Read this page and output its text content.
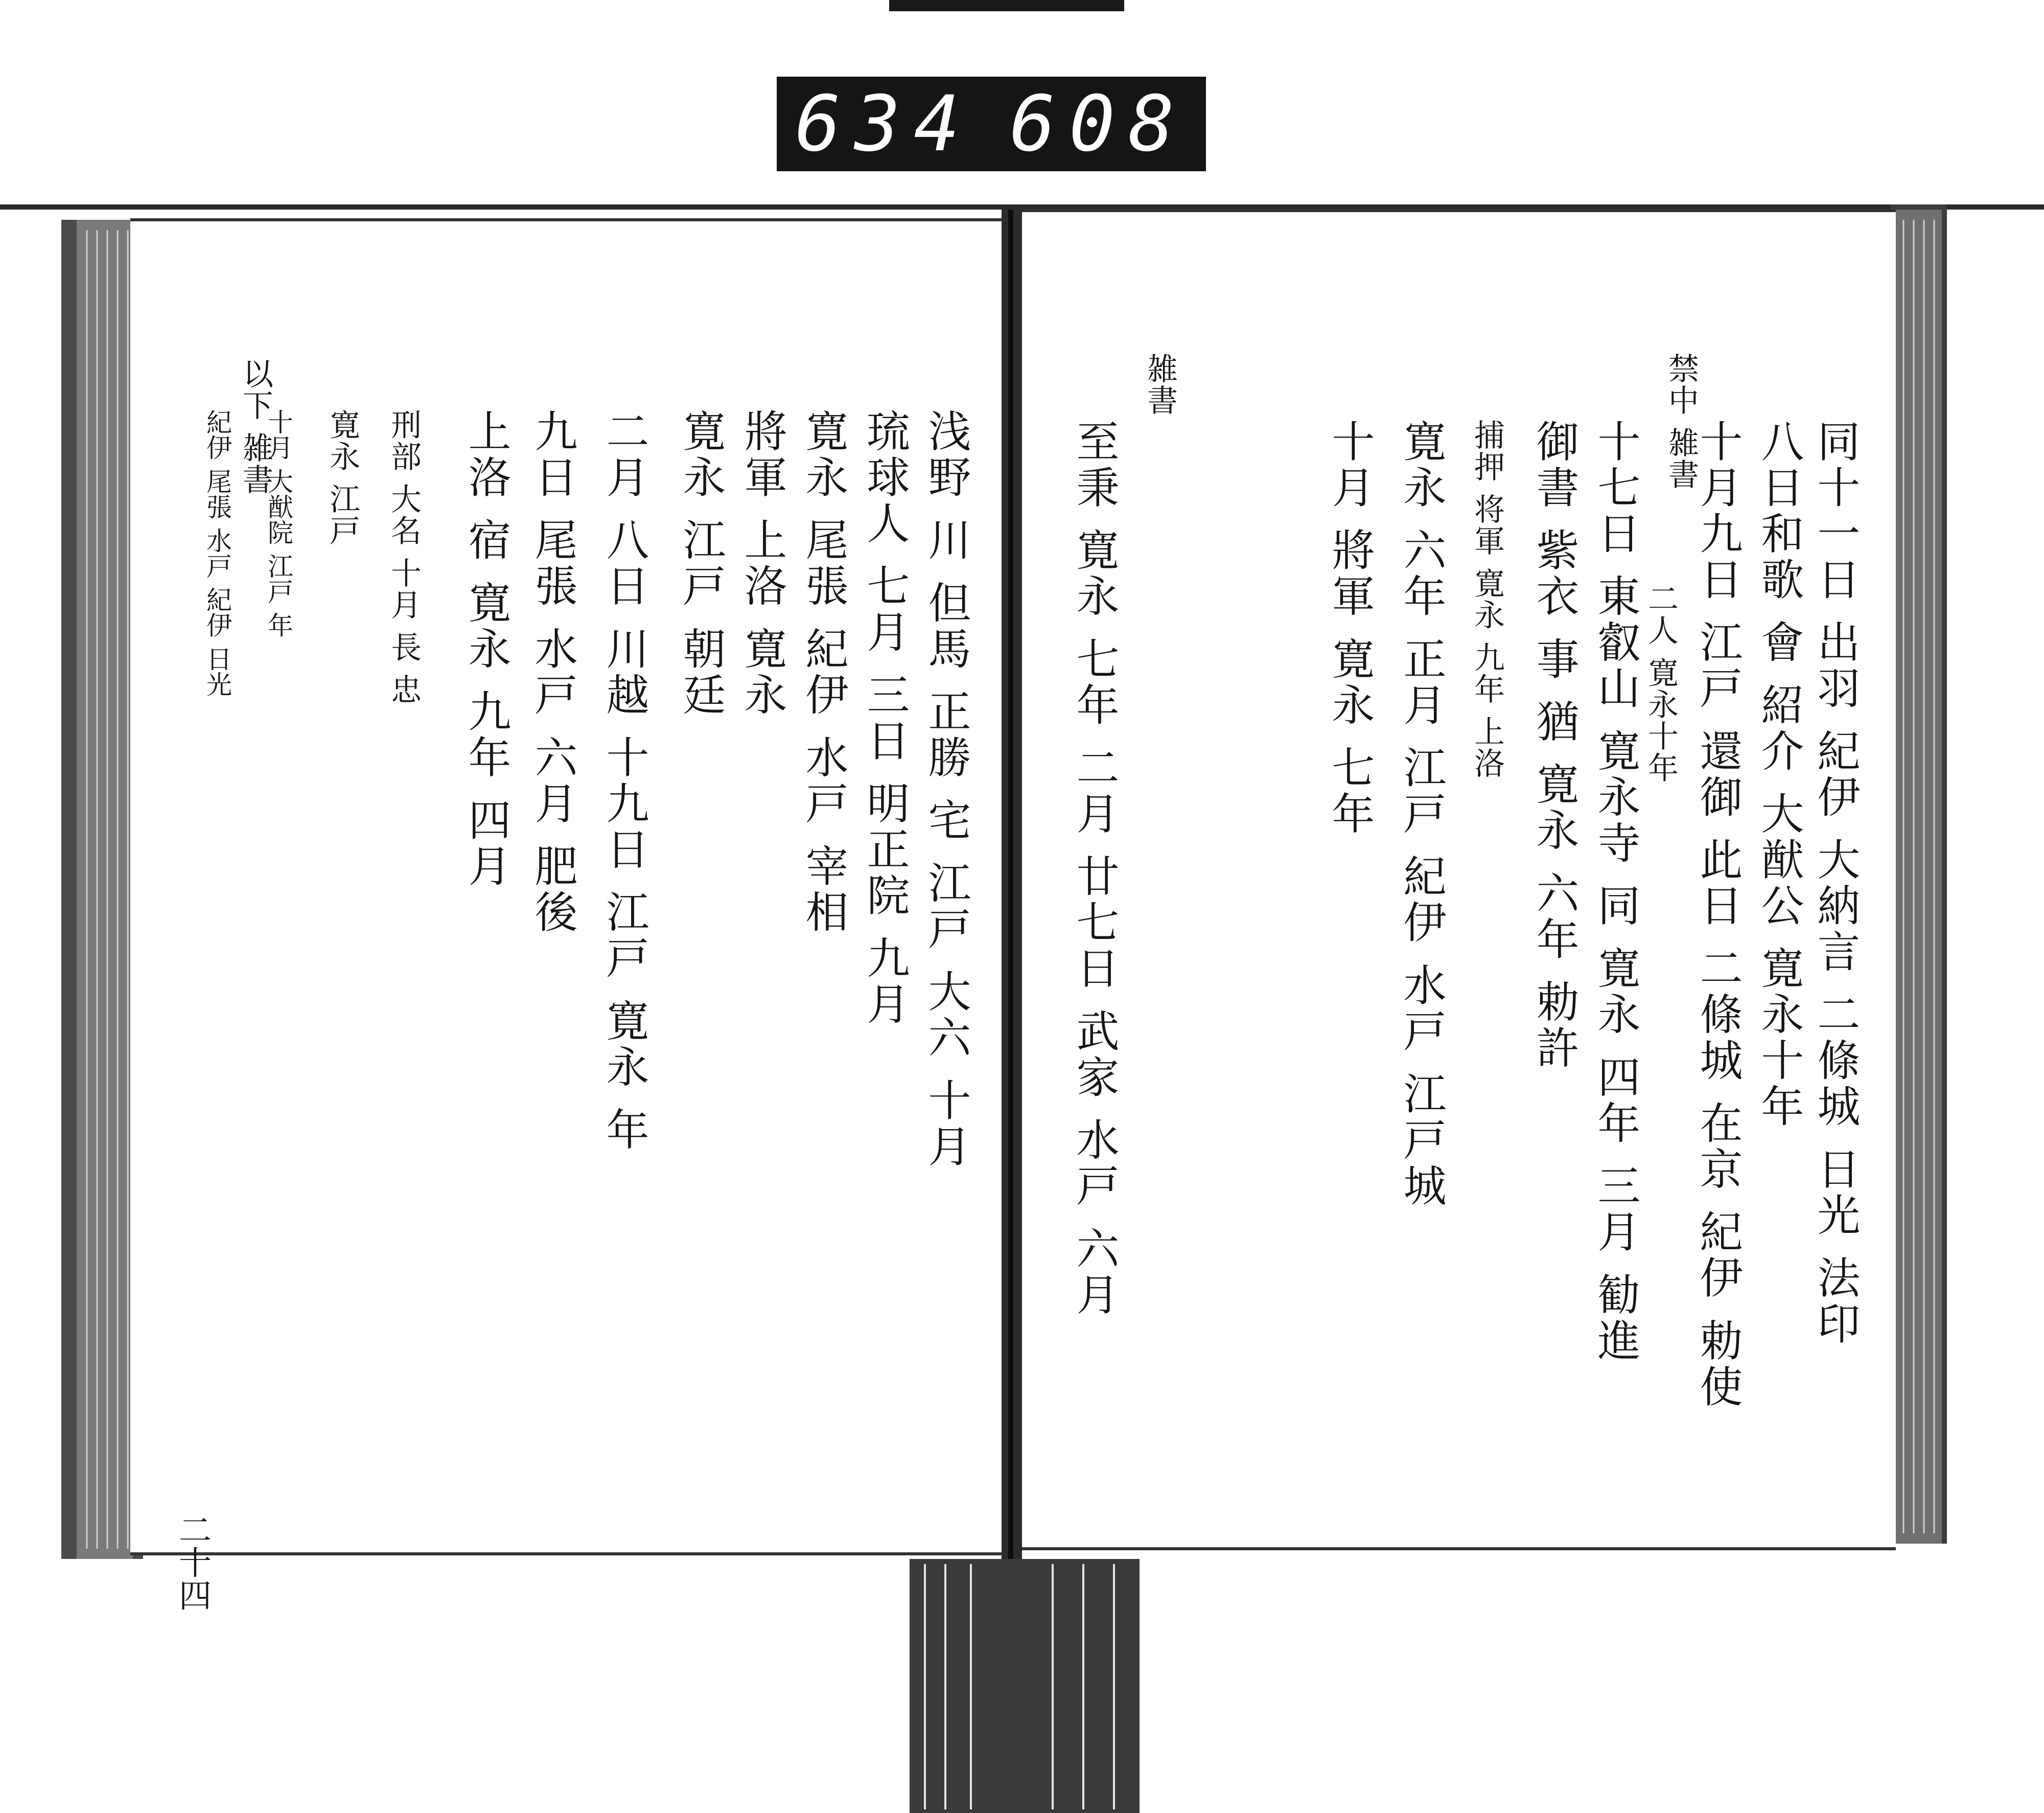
634 608
禁中 雑書
雑書
同十一日 出羽 紀伊 大納言 二條城 日光 法印
八日和歌 會 紹介 大猷公 寛永十年
十月九日 江戸 還御 此日 二條城 在京 紀伊 勅使
二人 寛永十年
十七日 東叡山 寛永寺 同 寛永 四年 三月 勧進
御書 紫衣 事 猶 寛永 六年 勅許
捕押 将軍 寛永 九年 上洛
寛永 六年 正月 江戸 紀伊 水戸 江戸城
十月 將軍 寛永 七年
至秉 寛永 七年 二月 廿七日 武家 水戸 六月
以下 雑書	浅野 川 但馬 正勝 宅 江戸 大六 十月
琉球人 七月 三日 明正院 九月
寛永 尾張 紀伊 水戸 宰相
將軍 上洛 寛永
寛永 江戸 朝廷
二月 八日 川越 十九日 江戸 寛永 年
九日 尾張 水戸 六月 肥後
上洛 宿 寛永 九年 四月
刑部 大名 十月 長 忠
寛永 江戸
十月 大猷院 江戸 年
紀伊 尾張 水戸 紀伊 日光
二十四
